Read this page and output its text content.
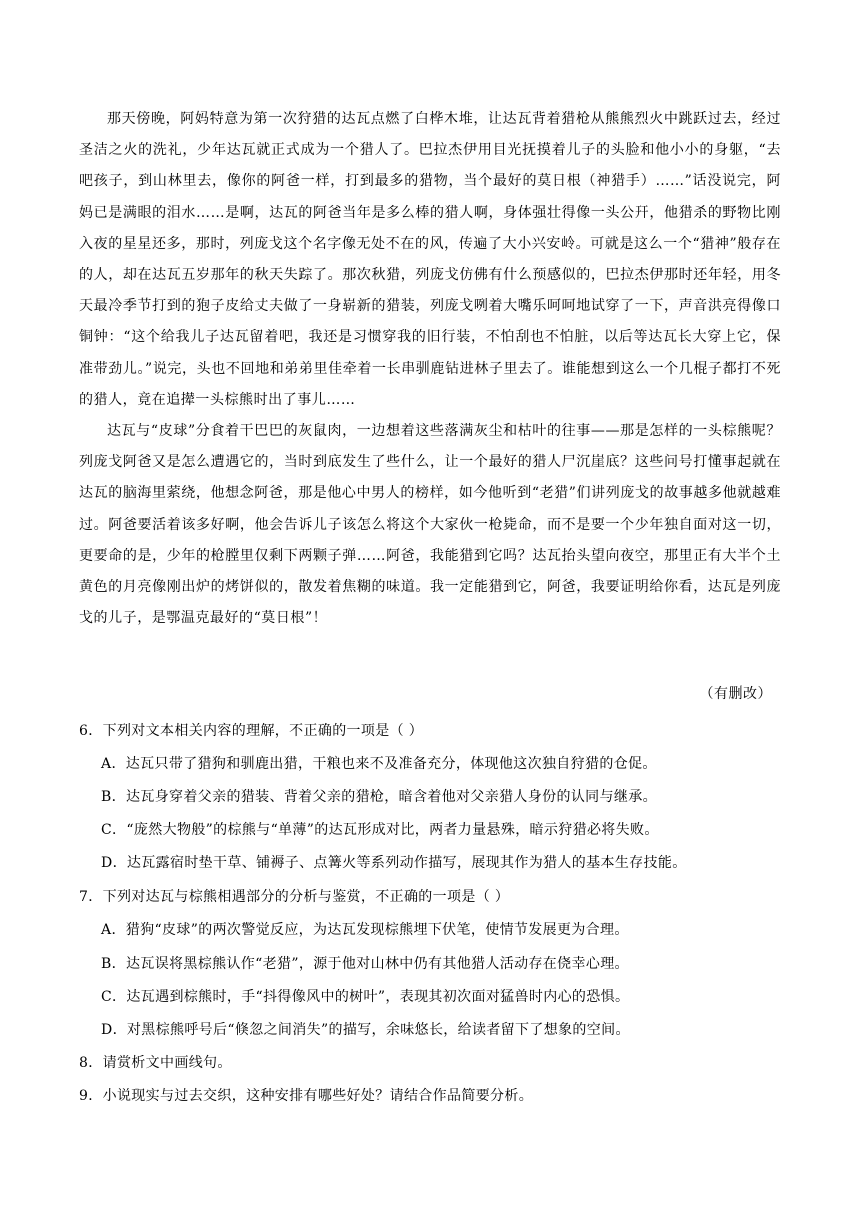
那天傍晚，阿妈特意为第一次狩猎的达瓦点燃了白桦木堆，让达瓦背着猎枪从熊熊烈火中跳跃过去，经过圣洁之火的洗礼，少年达瓦就正式成为一个猎人了。巴拉杰伊用目光抚摸着儿子的头脸和他小小的身躯，“去吧孩子，到山林里去，像你的阿爸一样，打到最多的猎物，当个最好的莫日根（神猎手）……”话没说完，阿妈已是满眼的泪水……是啊，达瓦的阿爸当年是多么棒的猎人啊，身体强壮得像一头公幵，他猎杀的野物比刚入夜的星星还多，那时，列庞戈这个名字像无处不在的风，传遍了大小兴安岭。可就是这么一个“猎神”般存在的人，却在达瓦五岁那年的秋天失踪了。那次秋猎，列庞戈仿佛有什么预感似的，巴拉杰伊那时还年轻，用冬天最冷季节打到的狍子皮给丈夫做了一身崭新的猎装，列庞戈咧着大嘴乐呵呵地试穿了一下，声音洪亮得像口铜钟：“这个给我儿子达瓦留着吧，我还是习惯穿我的旧行装，不怕刮也不怕脏，以后等达瓦长大穿上它，保准带劲儿。”说完，头也不回地和弟弟里佳牵着一长串驯鹿钻进林子里去了。谁能想到这么一个几棍子都打不死的猎人，竟在追撵一头棕熊时出了事儿……

达瓦与“皮球”分食着干巴巴的灰鼠肉，一边想着这些落满灰尘和枯叶的往事——那是怎样的一头棕熊呢？列庞戈阿爸又是怎么遭遇它的，当时到底发生了些什么，让一个最好的猎人尸沉崖底？这些问号打懂事起就在达瓦的脑海里萦绕，他想念阿爸，那是他心中男人的榜样，如今他听到“老猎”们讲列庞戈的故事越多他就越难过。阿爸要活着该多好啊，他会告诉儿子该怎么将这个大家伙一枪毙命，而不是要一个少年独自面对这一切，更要命的是，少年的枪膛里仅剩下两颗子弹……阿爸，我能猎到它吗？达瓦抬头望向夜空，那里正有大半个土黄色的月亮像刚出炉的烤饼似的，散发着焦糊的味道。我一定能猎到它，阿爸，我要证明给你看，达瓦是列庞戈的儿子，是鄂温克最好的“莫日根”！

（有删改）
6．下列对文本相关内容的理解，不正确的一项是（ ）
A．达瓦只带了猎狗和驯鹿出猎，干粮也来不及准备充分，体现他这次独自狩猎的仓促。
B．达瓦身穿着父亲的猎装、背着父亲的猎枪，暗含着他对父亲猎人身份的认同与继承。
C．“庞然大物般”的棕熊与“单薄”的达瓦形成对比，两者力量悬殊，暗示狩猎必将失败。
D．达瓦露宿时垫干草、铺褥子、点篝火等系列动作描写，展现其作为猎人的基本生存技能。
7．下列对达瓦与棕熊相遇部分的分析与鉴赏，不正确的一项是（ ）
A．猎狗“皮球”的两次警觉反应，为达瓦发现棕熊埋下伏笔，使情节发展更为合理。
B．达瓦误将黑棕熊认作“老猎”，源于他对山林中仍有其他猎人活动存在侥幸心理。
C．达瓦遇到棕熊时，手“抖得像风中的树叶”，表现其初次面对猛兽时内心的恐惧。
D．对黑棕熊呼号后“倏忽之间消失”的描写，余味悠长，给读者留下了想象的空间。
8．请赏析文中画线句。
9．小说现实与过去交织，这种安排有哪些好处？请结合作品简要分析。
